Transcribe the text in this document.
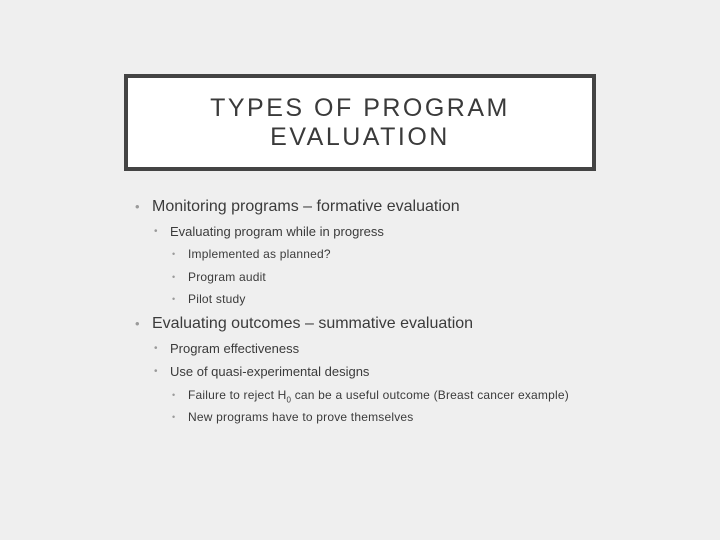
TYPES OF PROGRAM
EVALUATION
• Monitoring programs – formative evaluation
• Evaluating program while in progress
• Implemented as planned?
• Program audit
• Pilot study
• Evaluating outcomes – summative evaluation
• Program effectiveness
• Use of quasi-experimental designs
• Failure to reject $H_0$ can be a useful outcome (Breast cancer example)
• New programs have to prove themselves
